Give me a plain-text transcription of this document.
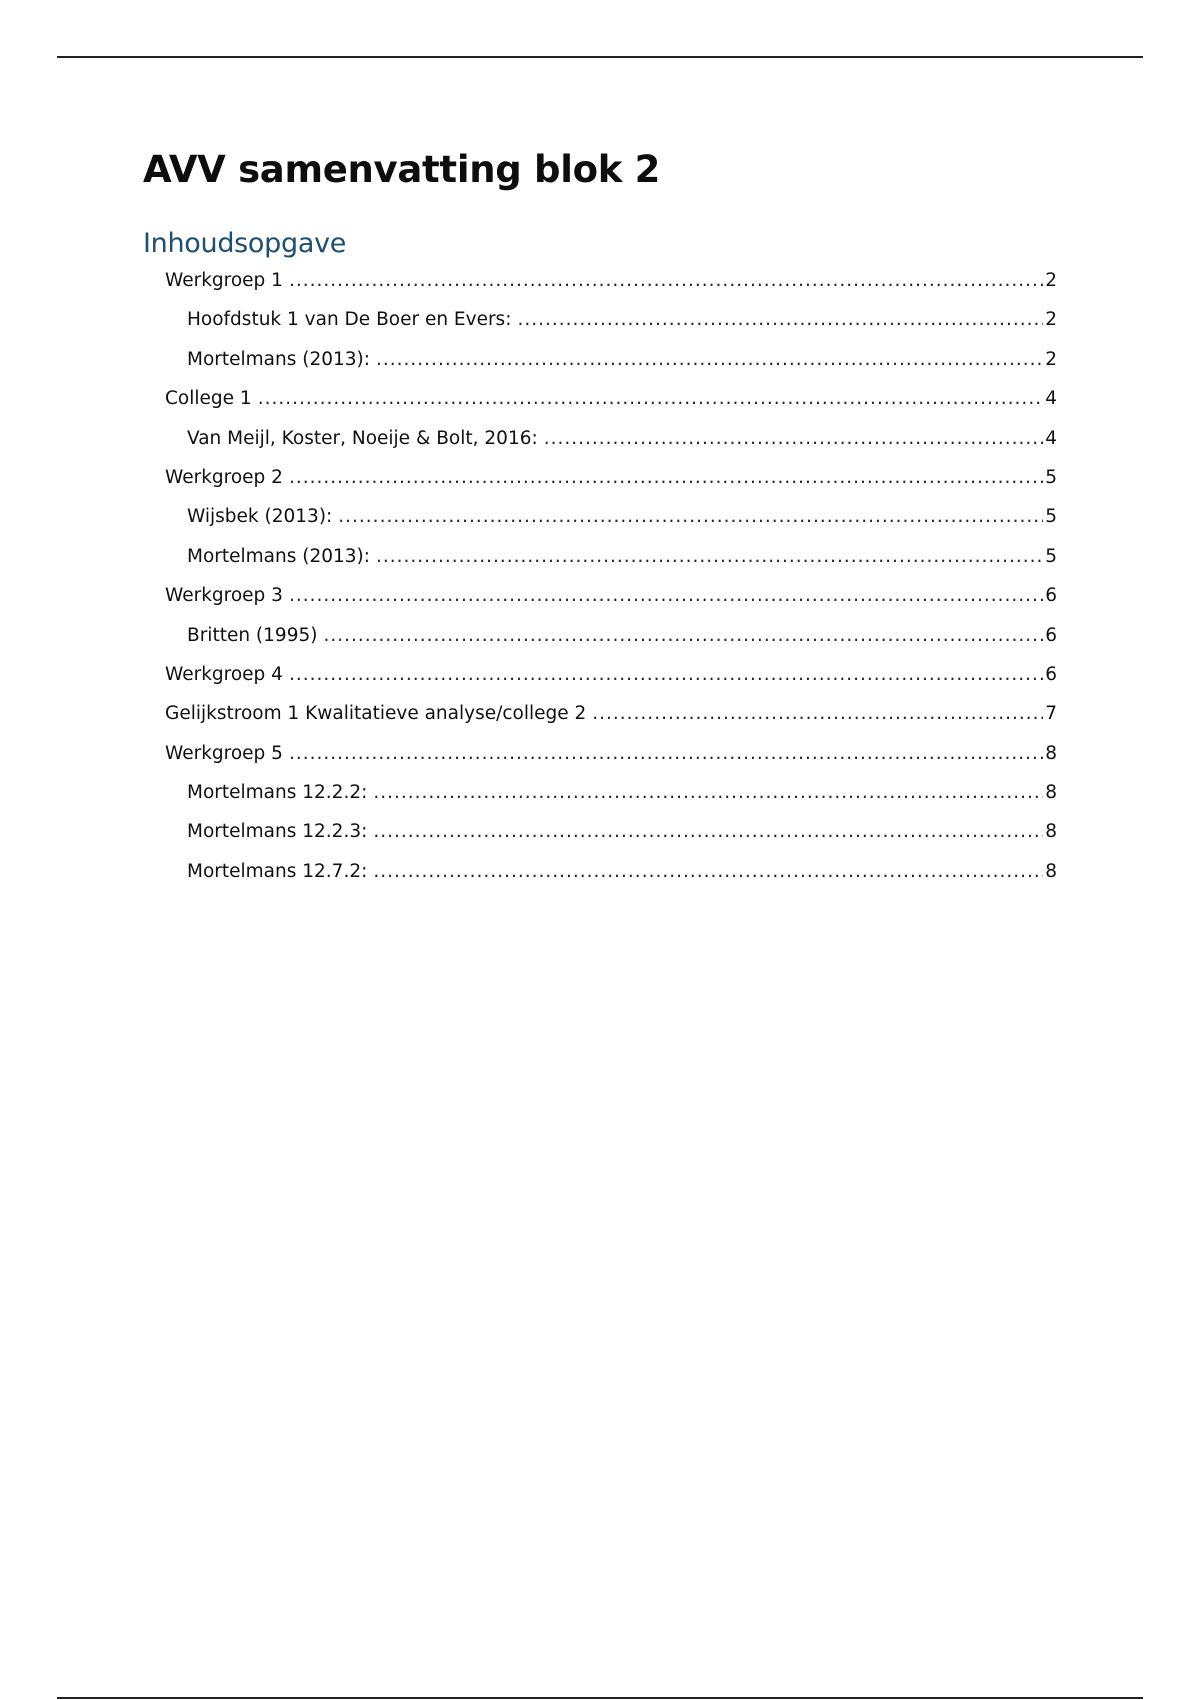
AVV samenvatting blok 2
Inhoudsopgave
Werkgroep 1 .....	2
Hoofdstuk 1 van De Boer en Evers: .....	2
Mortelmans (2013): .....	2
College 1 .....	4
Van Meijl, Koster, Noeije & Bolt, 2016: .....	4
Werkgroep 2 .....	5
Wijsbek (2013): .....	5
Mortelmans (2013): .....	5
Werkgroep 3 .....	6
Britten (1995) .....	6
Werkgroep 4 .....	6
Gelijkstroom 1 Kwalitatieve analyse/college 2 .....	7
Werkgroep 5 .....	8
Mortelmans 12.2.2: .....	8
Mortelmans 12.2.3: .....	8
Mortelmans 12.7.2: .....	8
